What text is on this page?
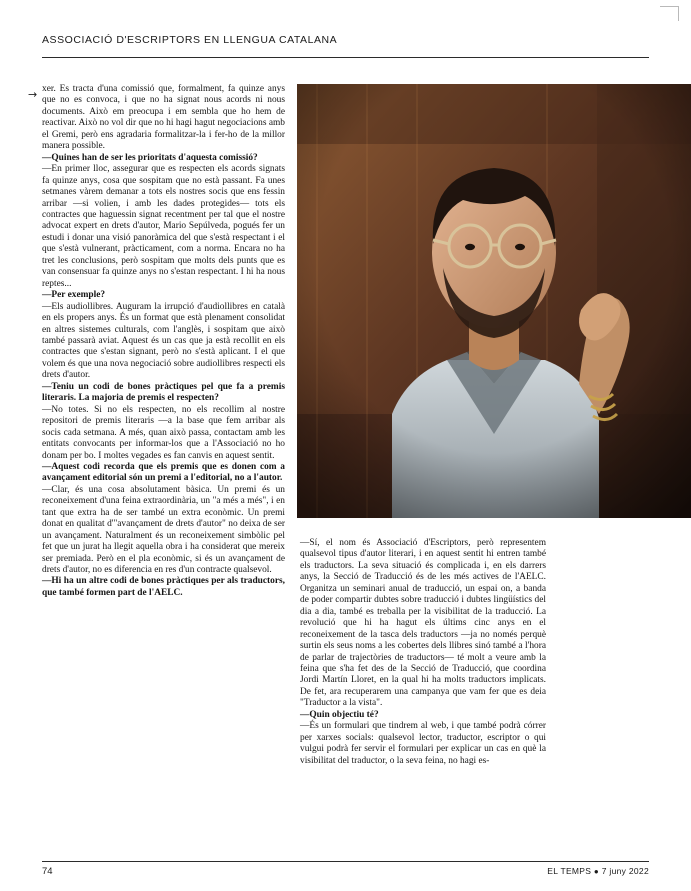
ASSOCIACIÓ D'ESCRIPTORS EN LLENGUA CATALANA
→ xer. Es tracta d'una comissió que, formalment, fa quinze anys que no es convoca, i que no ha signat nous acords ni nous documents. Això em preocupa i em sembla que ho hem de reactivar. Això no vol dir que no hi hagi hagut negociacions amb el Gremi, però ens agradaria formalitzar-la i fer-ho de la millor manera possible.

—Quines han de ser les prioritats d'aquesta comissió?

—En primer lloc, assegurar que es respecten els acords signats fa quinze anys, cosa que sospitam que no està passant. Fa unes setmanes vàrem demanar a tots els nostres socis que ens fessin arribar —si volien, i amb les dades protegides— tots els contractes que haguessin signat recentment per tal que el nostre advocat expert en drets d'autor, Mario Sepúlveda, pogués fer un estudi i donar una visió panoràmica del que s'està respectant i el que s'està vulnerant, pràcticament, com a norma. Encara no ha tret les conclusions, però sospitam que molts dels punts que es van consensuar fa quinze anys no s'estan respectant. I hi ha nous reptes...

—Per exemple?

—Els audiollibres. Auguram la irrupció d'audiollibres en català en els propers anys. És un format que està plenament consolidat en altres sistemes culturals, com l'anglès, i sospitam que això també passarà aviat. Aquest és un cas que ja està recollit en els contractes que s'estan signant, però no s'està aplicant. I el que volem és que una nova negociació sobre audiollibres respecti els drets d'autor.

—Teniu un codi de bones pràctiques pel que fa a premis literaris. La majoria de premis el respecten?

—No totes. Si no els respecten, no els recollim al nostre repositori de premis literaris —a la base que fem arribar als socis cada setmana. A més, quan això passa, contactam amb les entitats convocants per informar-los que a l'Associació no ho donam per bo. I moltes vegades es fan canvis en aquest sentit.

—Aquest codi recorda que els premis que es donen com a avançament editorial són un premi a l'editorial, no a l'autor.

—Clar, és una cosa absolutament bàsica. Un premi és un reconeixement d'una feina extraordinària, un "a més a més", i en tant que extra ha de ser també un extra econòmic. Un premi donat en qualitat d'"avançament de drets d'autor" no deixa de ser un avançament. Naturalment és un reconeixement simbòlic pel fet que un jurat ha llegit aquella obra i ha considerat que mereix ser premiada. Però en el pla econòmic, si és un avançament de drets d'autor, no es diferencia en res d'un contracte qualsevol.

—Hi ha un altre codi de bones pràctiques per als traductors, que també formen part de l'AELC.

—Sí, el nom és Associació d'Escriptors, però representem qualsevol tipus d'autor literari, i en aquest sentit hi entren també els traductors. La seva situació és complicada i, en els darrers anys, la Secció de Traducció és de les més actives de l'AELC. Organitza un seminari anual de traducció, un espai on, a banda de poder compartir dubtes sobre traducció i dubtes lingüístics del dia a dia, també es treballa per la visibilitat de la traducció. La revolució que hi ha hagut els últims cinc anys en el reconeixement de la tasca dels traductors —ja no només perquè surtin els seus noms a les cobertes dels llibres sinó també a l'hora de parlar de trajectòries de traductors— té molt a veure amb la feina que s'ha fet des de la Secció de Traducció, que coordina Jordi Martín Lloret, en la qual hi ha molts traductors implicats. De fet, ara recuperarem una campanya que vam fer que es deia "Traductor a la vista".

—Quin objectiu té?

—És un formulari que tindrem al web, i que també podrà córrer per xarxes socials: qualsevol lector, traductor, escriptor o qui vulgui podrà fer servir el formulari per explicar un cas en què la visibilitat del traductor, o la seva feina, no hagi es-

74	EL TEMPS ● 7 juny 2022
